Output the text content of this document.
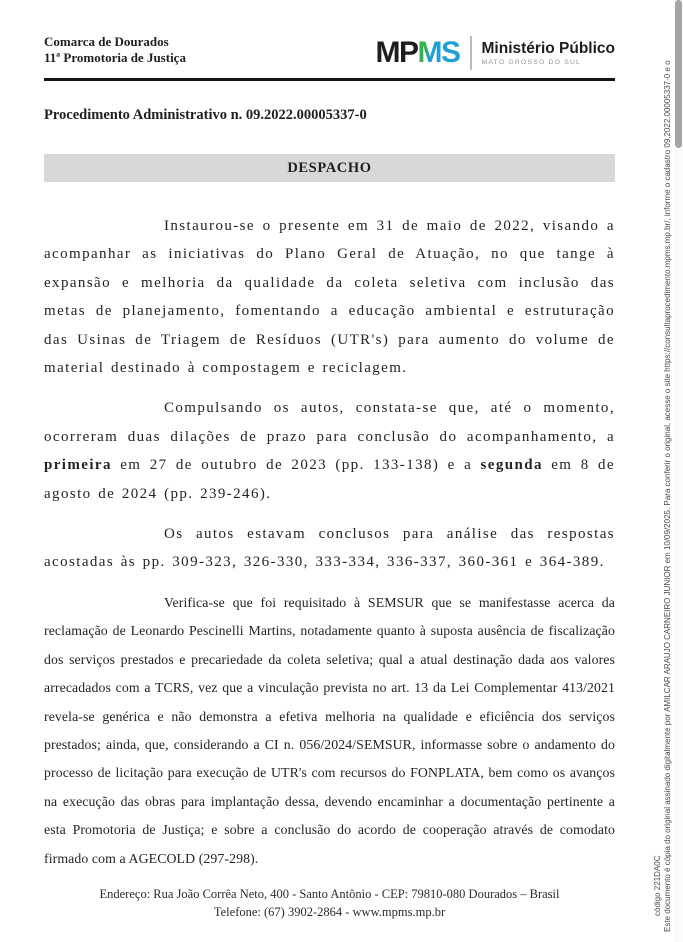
Comarca de Dourados
11ª Promotoria de Justiça	MPMS Ministério Público
MATO GROSSO DO SUL
Procedimento Administrativo n. 09.2022.00005337-0
DESPACHO

Instaurou-se o presente em 31 de maio de 2022, visando a acompanhar as iniciativas do Plano Geral de Atuação, no que tange à expansão e melhoria da qualidade da coleta seletiva com inclusão das metas de planejamento, fomentando a educação ambiental e estruturação das Usinas de Triagem de Resíduos (UTR's) para aumento do volume de material destinado à compostagem e reciclagem.

Compulsando os autos, constata-se que, até o momento, ocorreram duas dilações de prazo para conclusão do acompanhamento, a primeira em 27 de outubro de 2023 (pp. 133-138) e a segunda em 8 de agosto de 2024 (pp. 239-246).

Os autos estavam conclusos para análise das respostas acostadas às pp. 309-323, 326-330, 333-334, 336-337, 360-361 e 364-389.

Verifica-se que foi requisitado à SEMSUR que se manifestasse acerca da reclamação de Leonardo Pescinelli Martins, notadamente quanto à suposta ausência de fiscalização dos serviços prestados e precariedade da coleta seletiva; qual a atual destinação dada aos valores arrecadados com a TCRS, vez que a vinculação prevista no art. 13 da Lei Complementar 413/2021 revela-se genérica e não demonstra a efetiva melhoria na qualidade e eficiência dos serviços prestados; ainda, que, considerando a CI n. 056/2024/SEMSUR, informasse sobre o andamento do processo de licitação para execução de UTR's com recursos do FONPLATA, bem como os avanços na execução das obras para implantação dessa, devendo encaminhar a documentação pertinente a esta Promotoria de Justiça; e sobre a conclusão do acordo de cooperação através de comodato firmado com a AGECOLD (297-298).

Endereço: Rua João Corrêa Neto, 400 - Santo Antônio - CEP: 79810-080 Dourados – Brasil
Telefone: (67) 3902-2864 - www.mpms.mp.br	Este documento é cópia do original assinado digitalmente por AMILCAR ARAUJO CARNEIRO JUNIOR em 10/09/2025. Para conferir o original, acesse o site https://consultaprocedimento.mpms.mp.br/, informe o cadastro 09.2022.00005337-0 e o
código 221DA0C
